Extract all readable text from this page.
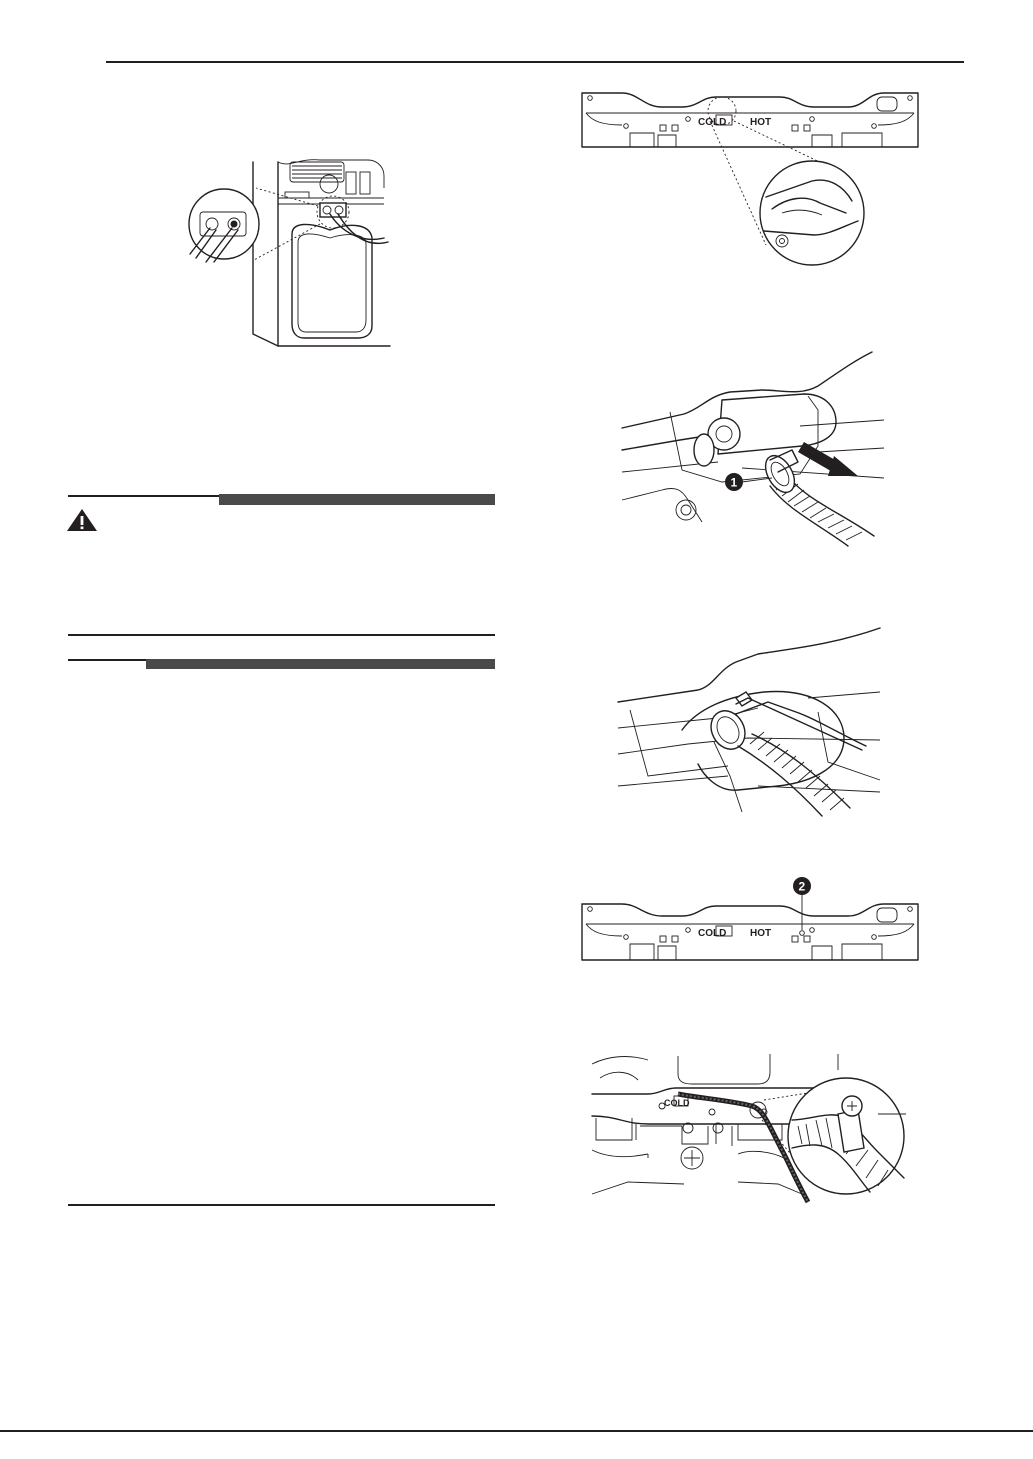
COLD HOT
1
COLD HOT
2
COLD
